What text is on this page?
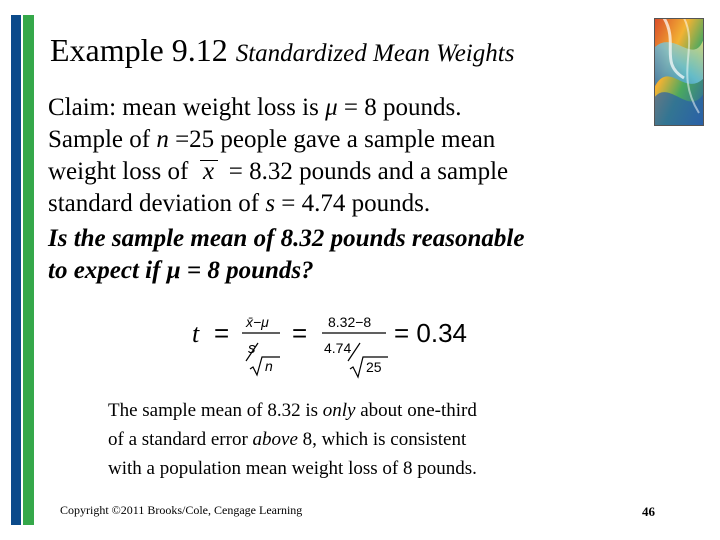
Example 9.12 Standardized Mean Weights

Claim: mean weight loss is μ = 8 pounds.

Sample of n =25 people gave a sample mean

weight loss of x = 8.32 pounds and a sample

standard deviation of s = 4.74 pounds.

Is the sample mean of 8.32 pounds reasonable

to expect if μ = 8 pounds?

t = x̄−μ
s
n
= 8.32−8
4.74
25
= 0.34

The sample mean of 8.32 is only about one-third

of a standard error above 8, which is consistent

with a population mean weight loss of 8 pounds.

Copyright ©2011 Brooks/Cole, Cengage Learning	46
